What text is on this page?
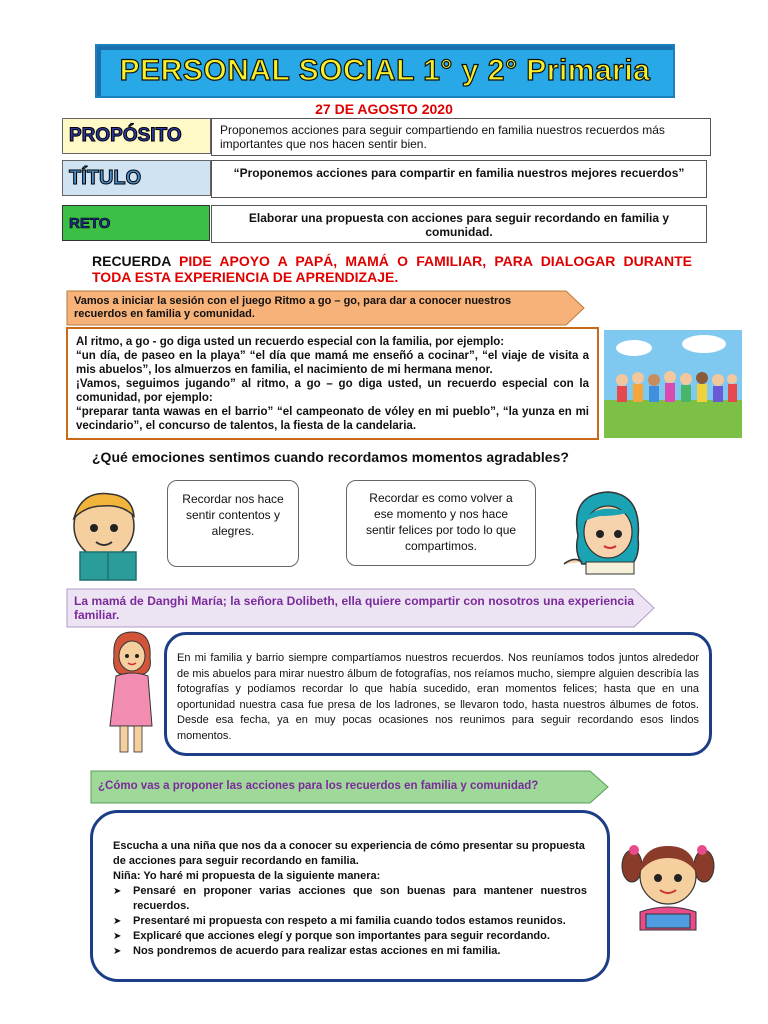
PERSONAL SOCIAL 1° y 2° Primaria
27 DE AGOSTO 2020
PROPÓSITO	Proponemos acciones para seguir compartiendo en familia nuestros recuerdos más importantes que nos hacen sentir bien.
TÍTULO	“Proponemos acciones para compartir en familia nuestros mejores recuerdos”
RETO	Elaborar una propuesta con acciones para seguir recordando en familia y comunidad.
RECUERDA PIDE APOYO A PAPÁ, MAMÁ O FAMILIAR, PARA DIALOGAR DURANTE TODA ESTA EXPERIENCIA DE APRENDIZAJE.
Vamos a iniciar la sesión con el juego Ritmo a go – go, para dar a conocer nuestros recuerdos en familia y comunidad.
Al ritmo, a go - go diga usted un recuerdo especial con la familia, por ejemplo:
“un día, de paseo en la playa” “el día que mamá me enseñó a cocinar”, “el viaje de visita a mis abuelos”, los almuerzos en familia, el nacimiento de mi hermana menor.
¡Vamos, seguimos jugando” al ritmo, a go – go diga usted, un recuerdo especial con la comunidad, por ejemplo:
“preparar tanta wawas en el barrio” “el campeonato de vóley en mi pueblo”, “la yunza en mi vecindario”, el concurso de talentos, la fiesta de la candelaria.
¿Qué emociones sentimos cuando recordamos momentos agradables?
Recordar nos hace sentir contentos y alegres.
Recordar es como volver a ese momento y nos hace sentir felices por todo lo que compartimos.
La mamá de Danghi María; la señora Dolibeth, ella quiere compartir con nosotros una experiencia familiar.
En mi familia y barrio siempre compartíamos nuestros recuerdos. Nos reuníamos todos juntos alrededor de mis abuelos para mirar nuestro álbum de fotografías, nos reíamos mucho, siempre alguien describía las fotografías y podíamos recordar lo que había sucedido, eran momentos felices; hasta que en una oportunidad nuestra casa fue presa de los ladrones, se llevaron todo, hasta nuestros álbumes de fotos. Desde esa fecha, ya en muy pocas ocasiones nos reunimos para seguir recordando esos lindos momentos.
¿Cómo vas a proponer las acciones para los recuerdos en familia y comunidad?
Escucha a una niña que nos da a conocer su experiencia de cómo presentar su propuesta de acciones para seguir recordando en familia.
Niña: Yo haré mi propuesta de la siguiente manera:
➤ Pensaré en proponer varias acciones que son buenas para mantener nuestros recuerdos.
➤ Presentaré mi propuesta con respeto a mi familia cuando todos estamos reunidos.
➤ Explicaré que acciones elegí y porque son importantes para seguir recordando.
➤ Nos pondremos de acuerdo para realizar estas acciones en mi familia.
